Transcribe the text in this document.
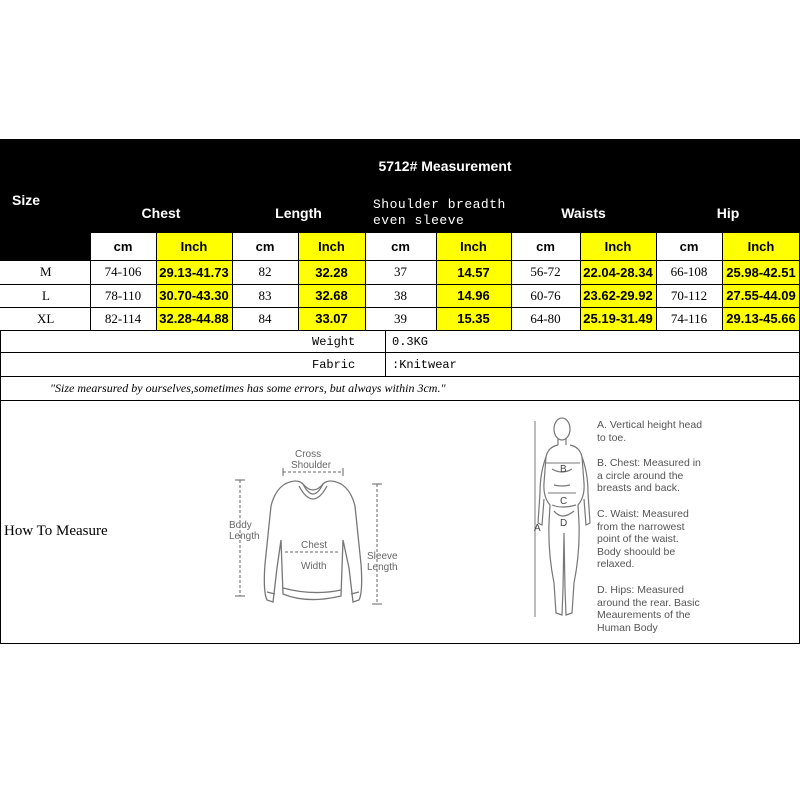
Size
5712# Measurement
Chest	Length
Shoulder breadth even sleeve	Waists	Hip
cm	Inch	cm	Inch	cm	Inch	cm	Inch	cm	Inch
M	74-106	29.13-41.73	82	32.28	37	14.57	56-72	22.04-28.34	66-108	25.98-42.51
L	78-110	30.70-43.30	83	32.68	38	14.96	60-76	23.62-29.92	70-112	27.55-44.09
XL	82-114	32.28-44.88	84	33.07	39	15.35	64-80	25.19-31.49	74-116	29.13-45.66
Weight	0.3KG
Fabric	:Knitwear
"Size mearsured by ourselves,sometimes has some errors, but always within 3cm."
How To Measure
Cross
Shoulder
Body
Length
Chest
Width
Sleeve
Length
A
B
C
D
A. Vertical height head to toe.
B. Chest: Measured in a circle around the breasts and back.
C. Waist: Measured from the narrowest point of the waist. Body shoould be relaxed.
D. Hips: Measured around the rear. Basic Meaurements of the Human Body
